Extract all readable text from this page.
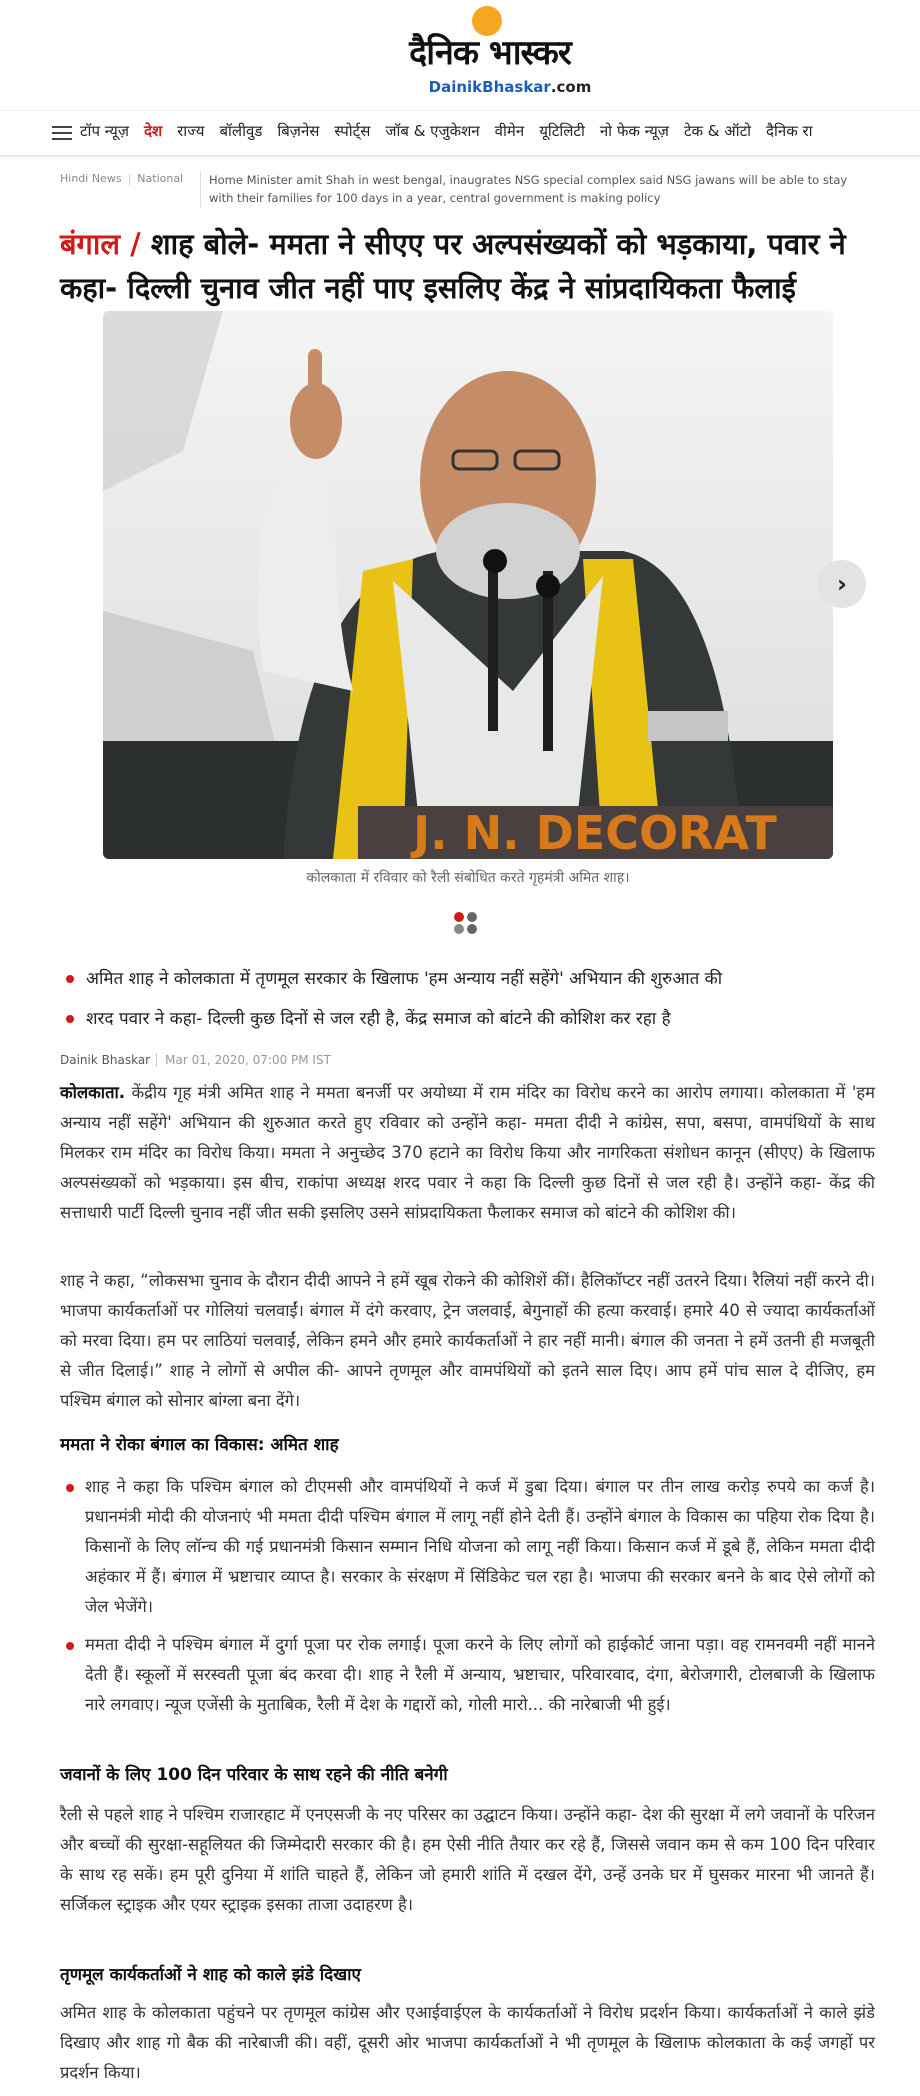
दैनिक भास्कर
DainikBhaskar.com
टॉप न्यूज़ देश राज्य बॉलीवुड बिज़नेस स्पोर्ट्स जॉब & एजुकेशन वीमेन यूटिलिटी नो फेक न्यूज़ टेक & ऑटो दैनिक रा
Hindi News | National	Home Minister amit Shah in west bengal, inaugrates NSG special complex said NSG jawans will be able to stay with their families for 100 days in a year, central government is making policy
बंगाल / शाह बोले- ममता ने सीएए पर अल्पसंख्यकों को भड़काया, पवार ने कहा- दिल्ली चुनाव जीत नहीं पाए इसलिए केंद्र ने सांप्रदायिकता फैलाई
J. N. DECORAT
›
कोलकाता में रविवार को रैली संबोधित करते गृहमंत्री अमित शाह।
अमित शाह ने कोलकाता में तृणमूल सरकार के खिलाफ 'हम अन्याय नहीं सहेंगे' अभियान की शुरुआत की
शरद पवार ने कहा- दिल्ली कुछ दिनों से जल रही है, केंद्र समाज को बांटने की कोशिश कर रहा है
Dainik Bhaskar Mar 01, 2020, 07:00 PM IST
कोलकाता. केंद्रीय गृह मंत्री अमित शाह ने ममता बनर्जी पर अयोध्या में राम मंदिर का विरोध करने का आरोप लगाया। कोलकाता में 'हम अन्याय नहीं सहेंगे' अभियान की शुरुआत करते हुए रविवार को उन्होंने कहा- ममता दीदी ने कांग्रेस, सपा, बसपा, वामपंथियों के साथ मिलकर राम मंदिर का विरोध किया। ममता ने अनुच्छेद 370 हटाने का विरोध किया और नागरिकता संशोधन कानून (सीएए) के खिलाफ अल्पसंख्यकों को भड़काया। इस बीच, राकांपा अध्यक्ष शरद पवार ने कहा कि दिल्ली कुछ दिनों से जल रही है। उन्होंने कहा- केंद्र की सत्ताधारी पार्टी दिल्ली चुनाव नहीं जीत सकी इसलिए उसने सांप्रदायिकता फैलाकर समाज को बांटने की कोशिश की।
शाह ने कहा, “लोकसभा चुनाव के दौरान दीदी आपने ने हमें खूब रोकने की कोशिशें कीं। हैलिकॉप्टर नहीं उतरने दिया। रैलियां नहीं करने दी। भाजपा कार्यकर्ताओं पर गोलियां चलवाईं। बंगाल में दंगे करवाए, ट्रेन जलवाई, बेगुनाहों की हत्या करवाई। हमारे 40 से ज्यादा कार्यकर्ताओं को मरवा दिया। हम पर लाठियां चलवाईं, लेकिन हमने और हमारे कार्यकर्ताओं ने हार नहीं मानी। बंगाल की जनता ने हमें उतनी ही मजबूती से जीत दिलाई।” शाह ने लोगों से अपील की- आपने तृणमूल और वामपंथियों को इतने साल दिए। आप हमें पांच साल दे दीजिए, हम पश्चिम बंगाल को सोनार बांग्ला बना देंगे।
ममता ने रोका बंगाल का विकास: अमित शाह
शाह ने कहा कि पश्चिम बंगाल को टीएमसी और वामपंथियों ने कर्ज में डुबा दिया। बंगाल पर तीन लाख करोड़ रुपये का कर्ज है। प्रधानमंत्री मोदी की योजनाएं भी ममता दीदी पश्चिम बंगाल में लागू नहीं होने देती हैं। उन्होंने बंगाल के विकास का पहिया रोक दिया है। किसानों के लिए लॉन्च की गई प्रधानमंत्री किसान सम्मान निधि योजना को लागू नहीं किया। किसान कर्ज में डूबे हैं, लेकिन ममता दीदी अहंकार में हैं। बंगाल में भ्रष्टाचार व्याप्त है। सरकार के संरक्षण में सिंडिकेट चल रहा है। भाजपा की सरकार बनने के बाद ऐसे लोगों को जेल भेजेंगे।
ममता दीदी ने पश्चिम बंगाल में दुर्गा पूजा पर रोक लगाई। पूजा करने के लिए लोगों को हाईकोर्ट जाना पड़ा। वह रामनवमी नहीं मानने देती हैं। स्कूलों में सरस्वती पूजा बंद करवा दी। शाह ने रैली में अन्याय, भ्रष्टाचार, परिवारवाद, दंगा, बेरोजगारी, टोलबाजी के खिलाफ नारे लगवाए। न्यूज एजेंसी के मुताबिक, रैली में देश के गद्दारों को, गोली मारो... की नारेबाजी भी हुई।
जवानों के लिए 100 दिन परिवार के साथ रहने की नीति बनेगी
रैली से पहले शाह ने पश्चिम राजारहाट में एनएसजी के नए परिसर का उद्घाटन किया। उन्होंने कहा- देश की सुरक्षा में लगे जवानों के परिजन और बच्चों की सुरक्षा-सहूलियत की जिम्मेदारी सरकार की है। हम ऐसी नीति तैयार कर रहे हैं, जिससे जवान कम से कम 100 दिन परिवार के साथ रह सकें। हम पूरी दुनिया में शांति चाहते हैं, लेकिन जो हमारी शांति में दखल देंगे, उन्हें उनके घर में घुसकर मारना भी जानते हैं। सर्जिकल स्ट्राइक और एयर स्ट्राइक इसका ताजा उदाहरण है।
तृणमूल कार्यकर्ताओं ने शाह को काले झंडे दिखाए
अमित शाह के कोलकाता पहुंचने पर तृणमूल कांग्रेस और एआईवाईएल के कार्यकर्ताओं ने विरोध प्रदर्शन किया। कार्यकर्ताओं ने काले झंडे दिखाए और शाह गो बैक की नारेबाजी की। वहीं, दूसरी ओर भाजपा कार्यकर्ताओं ने भी तृणमूल के खिलाफ कोलकाता के कई जगहों पर प्रदर्शन किया।
